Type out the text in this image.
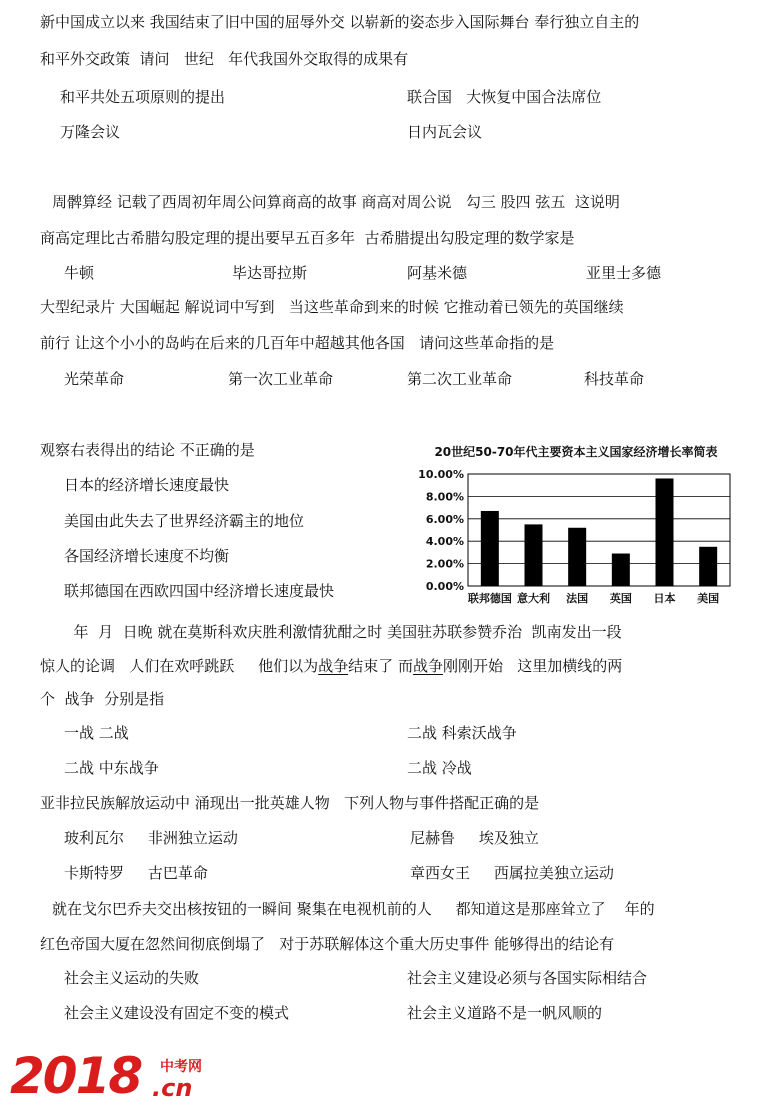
新中国成立以来 我国结束了旧中国的屈辱外交 以崭新的姿态步入国际舞台 奉行独立自主的
和平外交政策  请问   世纪   年代我国外交取得的成果有
和平共处五项原则的提出	联合国   大恢复中国合法席位
万隆会议	日内瓦会议
周髀算经 记载了西周初年周公问算商高的故事 商高对周公说   勾三 股四 弦五  这说明
商高定理比古希腊勾股定理的提出要早五百多年  古希腊提出勾股定理的数学家是
牛顿	毕达哥拉斯	阿基米德	亚里士多德
大型纪录片 大国崛起 解说词中写到   当这些革命到来的时候 它推动着已领先的英国继续
前行 让这个小小的岛屿在后来的几百年中超越其他各国   请问这些革命指的是
光荣革命	第一次工业革命	第二次工业革命	科技革命
观察右表得出的结论 不正确的是
日本的经济增长速度最快
美国由此失去了世界经济霸主的地位
各国经济增长速度不均衡
联邦德国在西欧四国中经济增长速度最快
20世纪50-70年代主要资本主义国家经济增长率简表
0.00%
2.00%
4.00%
6.00%
8.00%
10.00%
联邦德国 意大利 法国 英国 日本 美国
年  月  日晚 就在莫斯科欢庆胜利激情犹酣之时 美国驻苏联参赞乔治  凯南发出一段
惊人的论调   人们在欢呼跳跃     他们以为战争结束了 而战争刚刚开始   这里加横线的两
个  战争  分别是指
一战 二战	二战 科索沃战争
二战 中东战争	二战 冷战
亚非拉民族解放运动中 涌现出一批英雄人物   下列人物与事件搭配正确的是
玻利瓦尔     非洲独立运动	尼赫鲁     埃及独立
卡斯特罗     古巴革命	章西女王     西属拉美独立运动
就在戈尔巴乔夫交出核按钮的一瞬间 聚集在电视机前的人     都知道这是那座耸立了    年的
红色帝国大厦在忽然间彻底倒塌了   对于苏联解体这个重大历史事件 能够得出的结论有
社会主义运动的失败	社会主义建设必须与各国实际相结合
社会主义建设没有固定不变的模式	社会主义道路不是一帆风顺的
2018 中考网
.cn
